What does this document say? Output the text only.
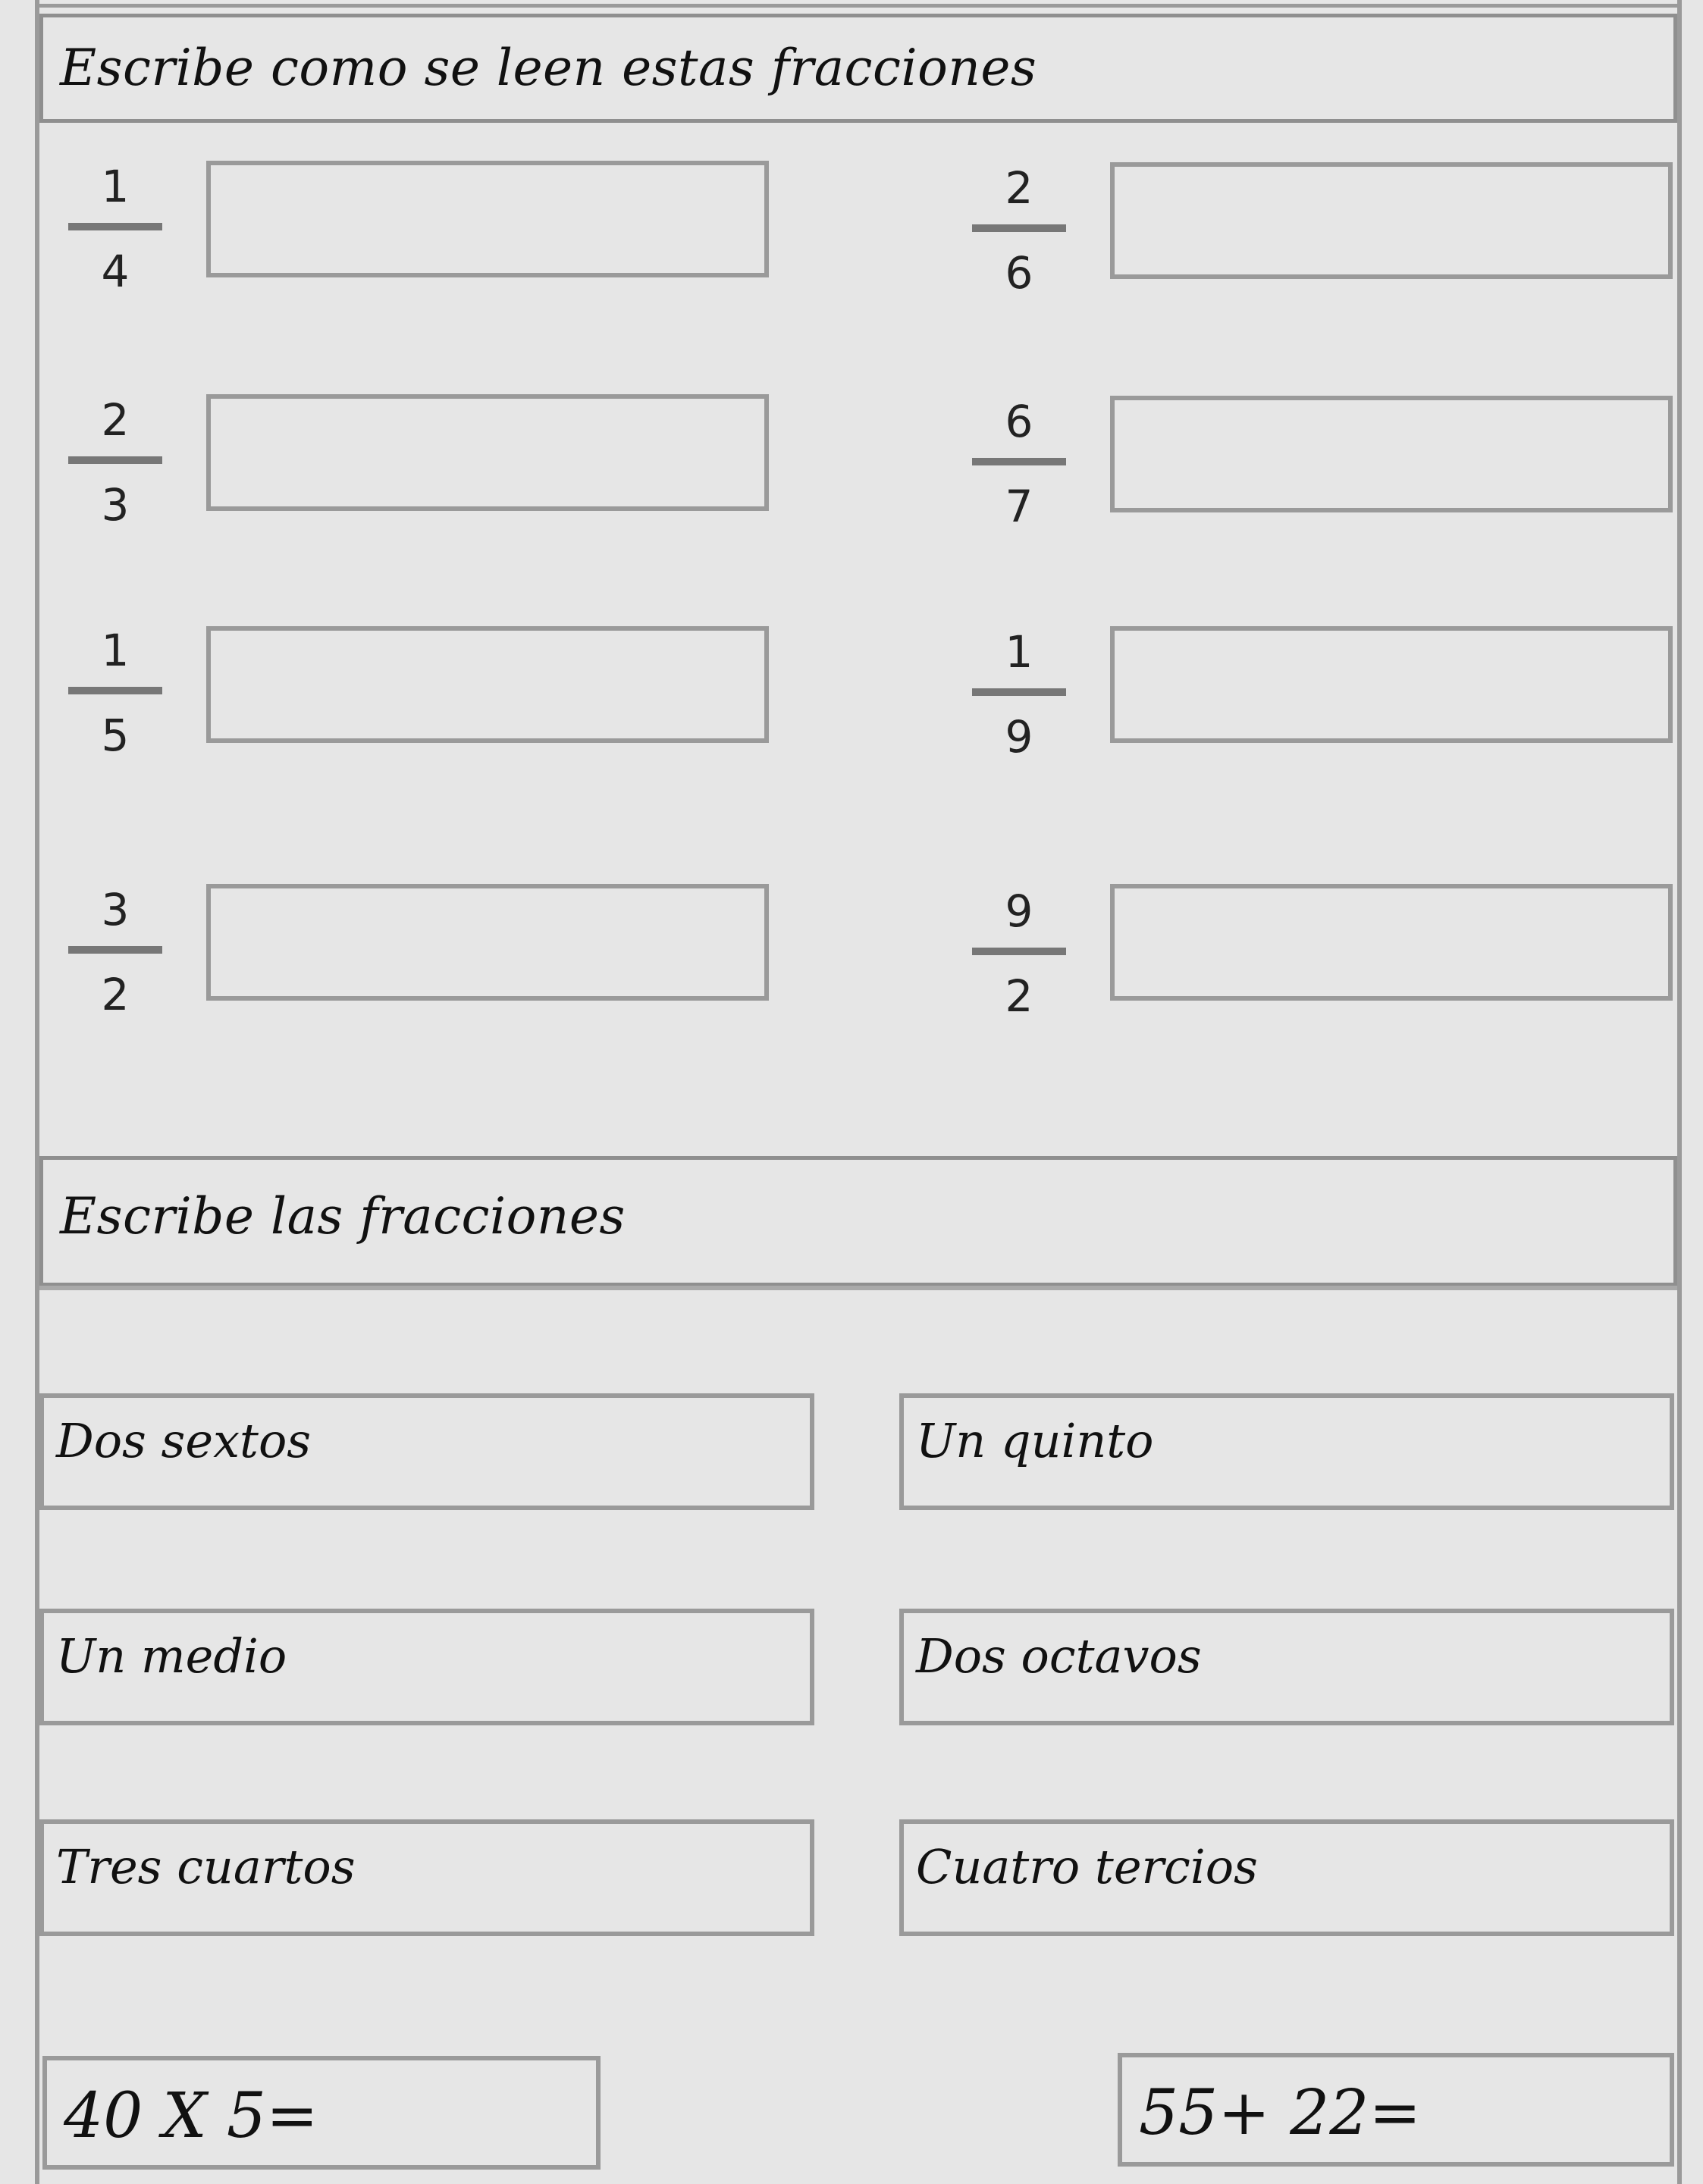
Escribe como se leen estas fracciones
1
4
2
3
1
5
3
2
2
6
6
7
1
9
9
2
Escribe las fracciones
Dos sextos	Un quinto
Un medio	Dos octavos
Tres cuartos	Cuatro tercios
40 X 5=	55+ 22=
